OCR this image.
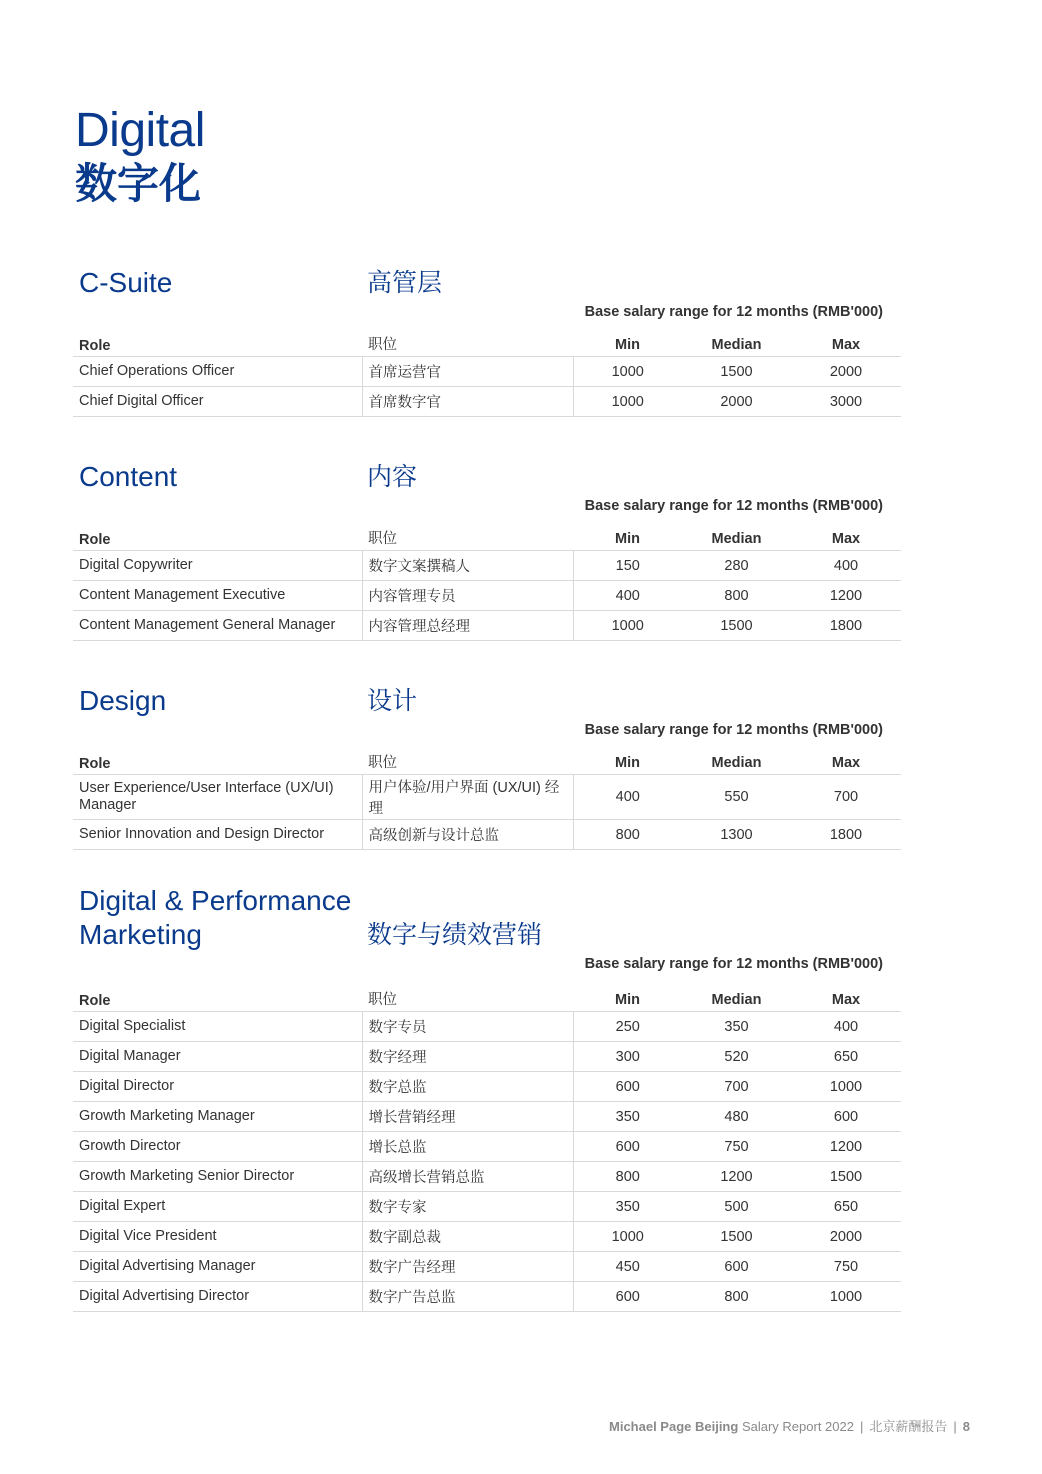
Digital
数字化
C-Suite	高管层
Base salary range for 12 months (RMB'000)
Role	职位	Min	Median	Max
Chief Operations Officer	首席运营官	1000	1500	2000
Chief Digital Officer	首席数字官	1000	2000	3000
Content	内容
Base salary range for 12 months (RMB'000)
Role	职位	Min	Median	Max
Digital Copywriter	数字文案撰稿人	150	280	400
Content Management Executive	内容管理专员	400	800	1200
Content Management General Manager	内容管理总经理	1000	1500	1800
Design	设计
Base salary range for 12 months (RMB'000)
Role	职位	Min	Median	Max
User Experience/User Interface (UX/UI) Manager	用户体验/用户界面 (UX/UI) 经理	400	550	700
Senior Innovation and Design Director	高级创新与设计总监	800	1300	1800
Digital & Performance
Marketing	数字与绩效营销
Base salary range for 12 months (RMB'000)
Role	职位	Min	Median	Max
Digital Specialist	数字专员	250	350	400
Digital Manager	数字经理	300	520	650
Digital Director	数字总监	600	700	1000
Growth Marketing Manager	增长营销经理	350	480	600
Growth Director	增长总监	600	750	1200
Growth Marketing Senior Director	高级增长营销总监	800	1200	1500
Digital Expert	数字专家	350	500	650
Digital Vice President	数字副总裁	1000	1500	2000
Digital Advertising Manager	数字广告经理	450	600	750
Digital Advertising Director	数字广告总监	600	800	1000
Michael Page Beijing Salary Report 2022 | 北京薪酬报告 | 8
